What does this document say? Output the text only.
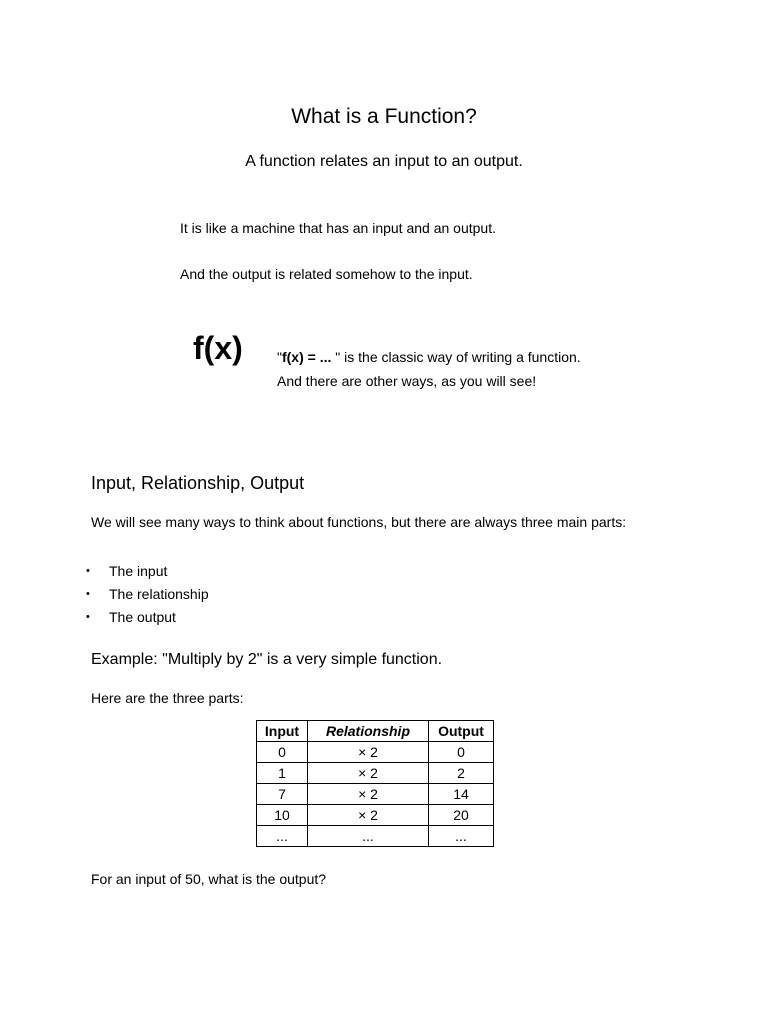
What is a Function?
A function relates an input to an output.
It is like a machine that has an input and an output.
And the output is related somehow to the input.
f(x) "f(x) = ... " is the classic way of writing a function.
And there are other ways, as you will see!
Input, Relationship, Output
We will see many ways to think about functions, but there are always three main parts:
• The input
• The relationship
• The output
Example: "Multiply by 2" is a very simple function.
Here are the three parts:
Input	Relationship	Output
0	× 2	0
1	× 2	2
7	× 2	14
10	× 2	20
...	...	...
For an input of 50, what is the output?
